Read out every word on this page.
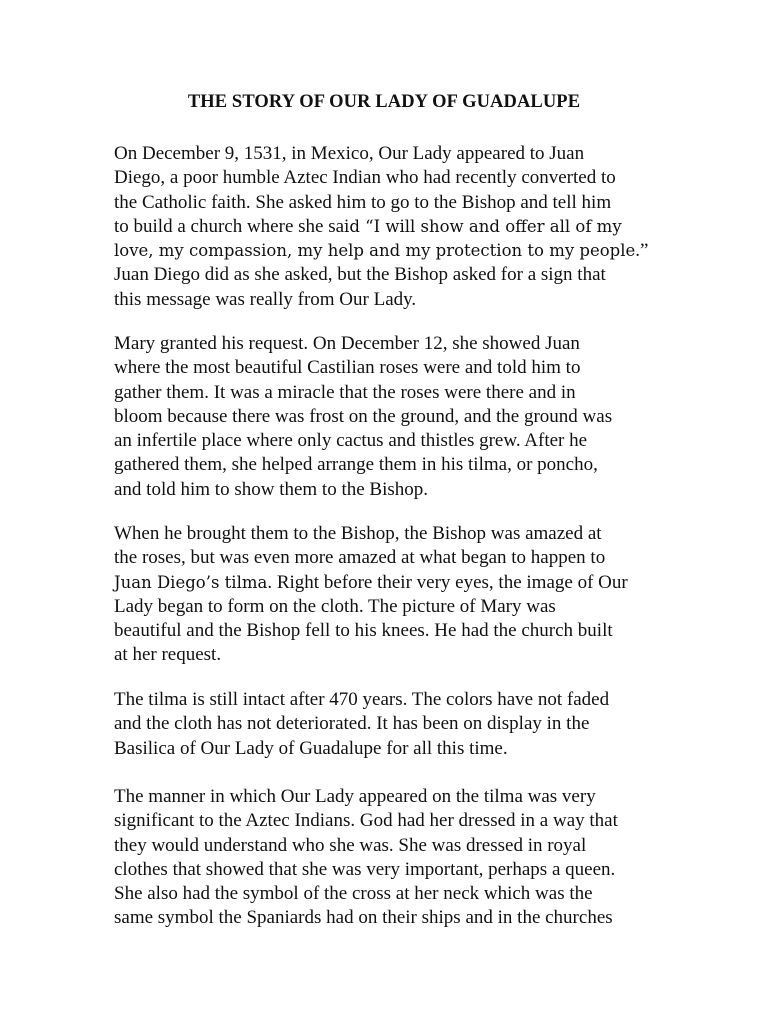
THE STORY OF OUR LADY OF GUADALUPE

On December 9, 1531, in Mexico, Our Lady appeared to Juan
Diego, a poor humble Aztec Indian who had recently converted to
the Catholic faith. She asked him to go to the Bishop and tell him
to build a church where she said “I will show and offer all of my
love, my compassion, my help and my protection to my people.”
Juan Diego did as she asked, but the Bishop asked for a sign that
this message was really from Our Lady.

Mary granted his request. On December 12, she showed Juan
where the most beautiful Castilian roses were and told him to
gather them. It was a miracle that the roses were there and in
bloom because there was frost on the ground, and the ground was
an infertile place where only cactus and thistles grew. After he
gathered them, she helped arrange them in his tilma, or poncho,
and told him to show them to the Bishop.

When he brought them to the Bishop, the Bishop was amazed at
the roses, but was even more amazed at what began to happen to
Juan Diego’s tilma. Right before their very eyes, the image of Our
Lady began to form on the cloth. The picture of Mary was
beautiful and the Bishop fell to his knees. He had the church built
at her request.

The tilma is still intact after 470 years. The colors have not faded
and the cloth has not deteriorated. It has been on display in the
Basilica of Our Lady of Guadalupe for all this time.

The manner in which Our Lady appeared on the tilma was very
significant to the Aztec Indians. God had her dressed in a way that
they would understand who she was. She was dressed in royal
clothes that showed that she was very important, perhaps a queen.
She also had the symbol of the cross at her neck which was the
same symbol the Spaniards had on their ships and in the churches
